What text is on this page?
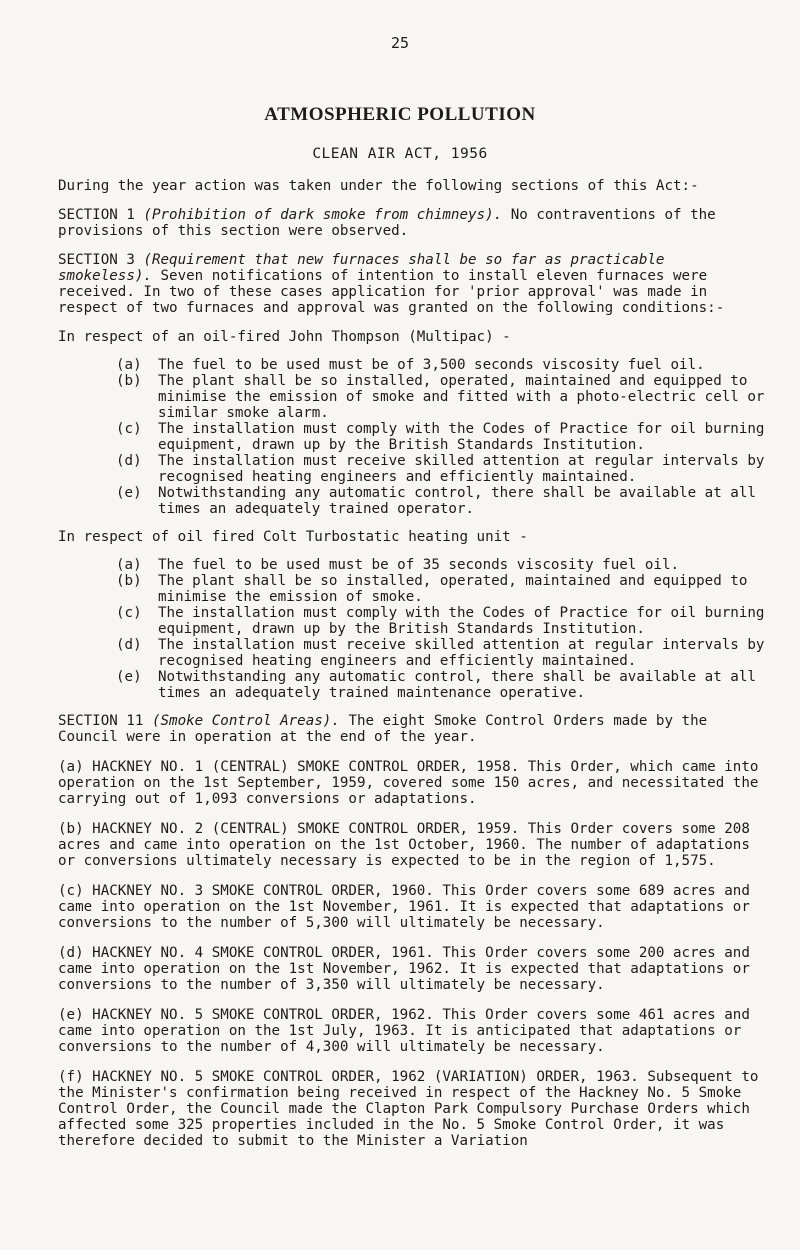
25
ATMOSPHERIC POLLUTION
CLEAN AIR ACT, 1956

During the year action was taken under the following sections of this Act:-

SECTION 1 (Prohibition of dark smoke from chimneys). No contraventions of the provisions of this section were observed.

SECTION 3 (Requirement that new furnaces shall be so far as practicable smokeless). Seven notifications of intention to install eleven furnaces were received. In two of these cases application for 'prior approval' was made in respect of two furnaces and approval was granted on the following conditions:-

In respect of an oil-fired John Thompson (Multipac) -

(a) The fuel to be used must be of 3,500 seconds viscosity fuel oil.
(b) The plant shall be so installed, operated, maintained and equipped to minimise the emission of smoke and fitted with a photo-electric cell or similar smoke alarm.
(c) The installation must comply with the Codes of Practice for oil burning equipment, drawn up by the British Standards Institution.
(d) The installation must receive skilled attention at regular intervals by recognised heating engineers and efficiently maintained.
(e) Notwithstanding any automatic control, there shall be available at all times an adequately trained operator.

In respect of oil fired Colt Turbostatic heating unit -

(a) The fuel to be used must be of 35 seconds viscosity fuel oil.
(b) The plant shall be so installed, operated, maintained and equipped to minimise the emission of smoke.
(c) The installation must comply with the Codes of Practice for oil burning equipment, drawn up by the British Standards Institution.
(d) The installation must receive skilled attention at regular intervals by recognised heating engineers and efficiently maintained.
(e) Notwithstanding any automatic control, there shall be available at all times an adequately trained maintenance operative.

SECTION 11 (Smoke Control Areas). The eight Smoke Control Orders made by the Council were in operation at the end of the year.

(a) HACKNEY NO. 1 (CENTRAL) SMOKE CONTROL ORDER, 1958. This Order, which came into operation on the 1st September, 1959, covered some 150 acres, and necessitated the carrying out of 1,093 conversions or adaptations.

(b) HACKNEY NO. 2 (CENTRAL) SMOKE CONTROL ORDER, 1959. This Order covers some 208 acres and came into operation on the 1st October, 1960. The number of adaptations or conversions ultimately necessary is expected to be in the region of 1,575.

(c) HACKNEY NO. 3 SMOKE CONTROL ORDER, 1960. This Order covers some 689 acres and came into operation on the 1st November, 1961. It is expected that adaptations or conversions to the number of 5,300 will ultimately be necessary.

(d) HACKNEY NO. 4 SMOKE CONTROL ORDER, 1961. This Order covers some 200 acres and came into operation on the 1st November, 1962. It is expected that adaptations or conversions to the number of 3,350 will ultimately be necessary.

(e) HACKNEY NO. 5 SMOKE CONTROL ORDER, 1962. This Order covers some 461 acres and came into operation on the 1st July, 1963. It is anticipated that adaptations or conversions to the number of 4,300 will ultimately be necessary.

(f) HACKNEY NO. 5 SMOKE CONTROL ORDER, 1962 (VARIATION) ORDER, 1963. Subsequent to the Minister's confirmation being received in respect of the Hackney No. 5 Smoke Control Order, the Council made the Clapton Park Compulsory Purchase Orders which affected some 325 properties included in the No. 5 Smoke Control Order, it was therefore decided to submit to the Minister a Variation
